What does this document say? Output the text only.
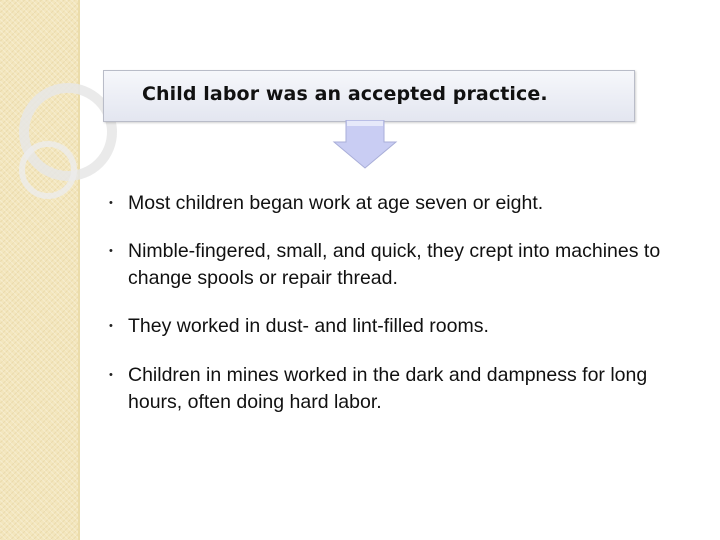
Child labor was an accepted practice.
• Most children began work at age seven or eight.
• Nimble-fingered, small, and quick, they crept into machines to change spools or repair thread.
• They worked in dust- and lint-filled rooms.
• Children in mines worked in the dark and dampness for long hours, often doing hard labor.
